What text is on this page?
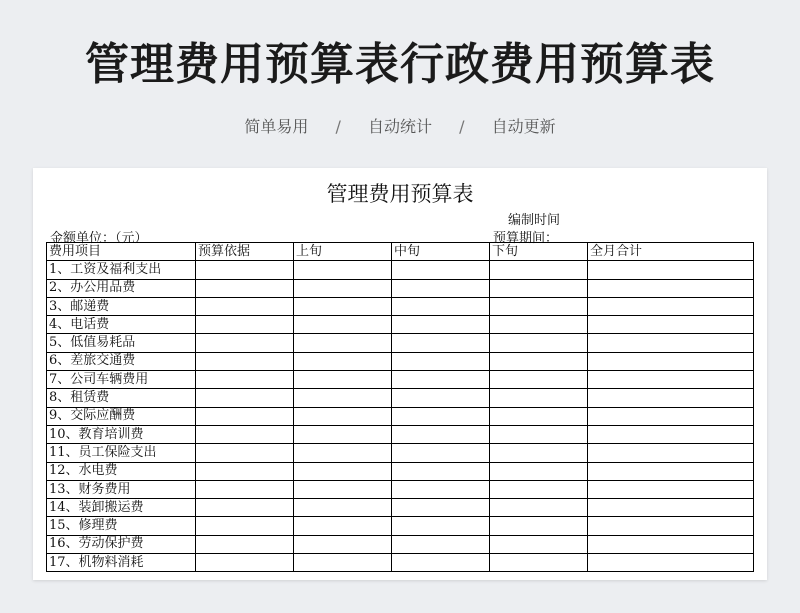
管理费用预算表行政费用预算表
简单易用 / 自动统计 / 自动更新
管理费用预算表
编制时间
金额单位：（元）	预算期间：
费用项目	预算依据	上旬	中旬	下旬	全月合计
1、工资及福利支出					
2、办公用品费					
3、邮递费					
4、电话费					
5、低值易耗品					
6、差旅交通费					
7、公司车辆费用					
8、租赁费					
9、交际应酬费					
10、教育培训费					
11、员工保险支出					
12、水电费					
13、财务费用					
14、装卸搬运费					
15、修理费					
16、劳动保护费					
17、机物料消耗					
